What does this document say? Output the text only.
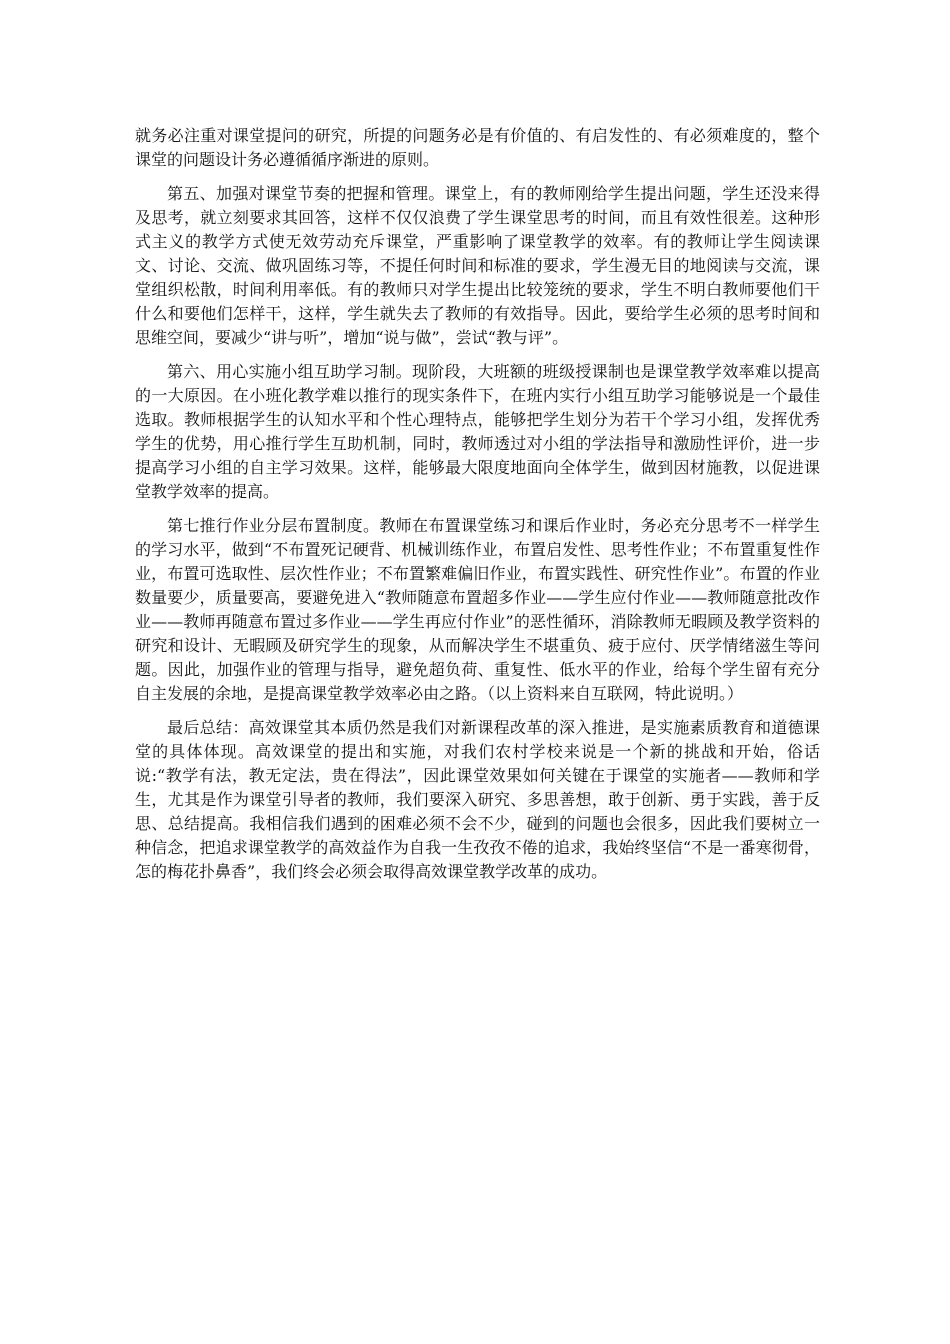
就务必注重对课堂提问的研究，所提的问题务必是有价值的、有启发性的、有必须难度的，整个课堂的问题设计务必遵循循序渐进的原则。

第五、加强对课堂节奏的把握和管理。课堂上，有的教师刚给学生提出问题，学生还没来得及思考，就立刻要求其回答，这样不仅仅浪费了学生课堂思考的时间，而且有效性很差。这种形式主义的教学方式使无效劳动充斥课堂，严重影响了课堂教学的效率。有的教师让学生阅读课文、讨论、交流、做巩固练习等，不提任何时间和标准的要求，学生漫无目的地阅读与交流，课堂组织松散，时间利用率低。有的教师只对学生提出比较笼统的要求，学生不明白教师要他们干什么和要他们怎样干，这样，学生就失去了教师的有效指导。因此，要给学生必须的思考时间和思维空间，要减少“讲与听”，增加“说与做”，尝试“教与评”。

第六、用心实施小组互助学习制。现阶段，大班额的班级授课制也是课堂教学效率难以提高的一大原因。在小班化教学难以推行的现实条件下，在班内实行小组互助学习能够说是一个最佳选取。教师根据学生的认知水平和个性心理特点，能够把学生划分为若干个学习小组，发挥优秀学生的优势，用心推行学生互助机制，同时，教师透过对小组的学法指导和激励性评价，进一步提高学习小组的自主学习效果。这样，能够最大限度地面向全体学生，做到因材施教，以促进课堂教学效率的提高。

第七推行作业分层布置制度。教师在布置课堂练习和课后作业时，务必充分思考不一样学生的学习水平，做到“不布置死记硬背、机械训练作业，布置启发性、思考性作业；不布置重复性作业，布置可选取性、层次性作业；不布置繁难偏旧作业，布置实践性、研究性作业”。布置的作业数量要少，质量要高，要避免进入“教师随意布置超多作业——学生应付作业——教师随意批改作业——教师再随意布置过多作业——学生再应付作业”的恶性循环，消除教师无暇顾及教学资料的研究和设计、无暇顾及研究学生的现象，从而解决学生不堪重负、疲于应付、厌学情绪滋生等问题。因此，加强作业的管理与指导，避免超负荷、重复性、低水平的作业，给每个学生留有充分自主发展的余地，是提高课堂教学效率必由之路。（以上资料来自互联网，特此说明。）

最后总结：高效课堂其本质仍然是我们对新课程改革的深入推进，是实施素质教育和道德课堂的具体体现。高效课堂的提出和实施，对我们农村学校来说是一个新的挑战和开始，俗话说:“教学有法，教无定法，贵在得法”，因此课堂效果如何关键在于课堂的实施者——教师和学生，尤其是作为课堂引导者的教师，我们要深入研究、多思善想，敢于创新、勇于实践，善于反思、总结提高。我相信我们遇到的困难必须不会不少，碰到的问题也会很多，因此我们要树立一种信念，把追求课堂教学的高效益作为自我一生孜孜不倦的追求，我始终坚信“不是一番寒彻骨，怎的梅花扑鼻香”，我们终会必须会取得高效课堂教学改革的成功。
